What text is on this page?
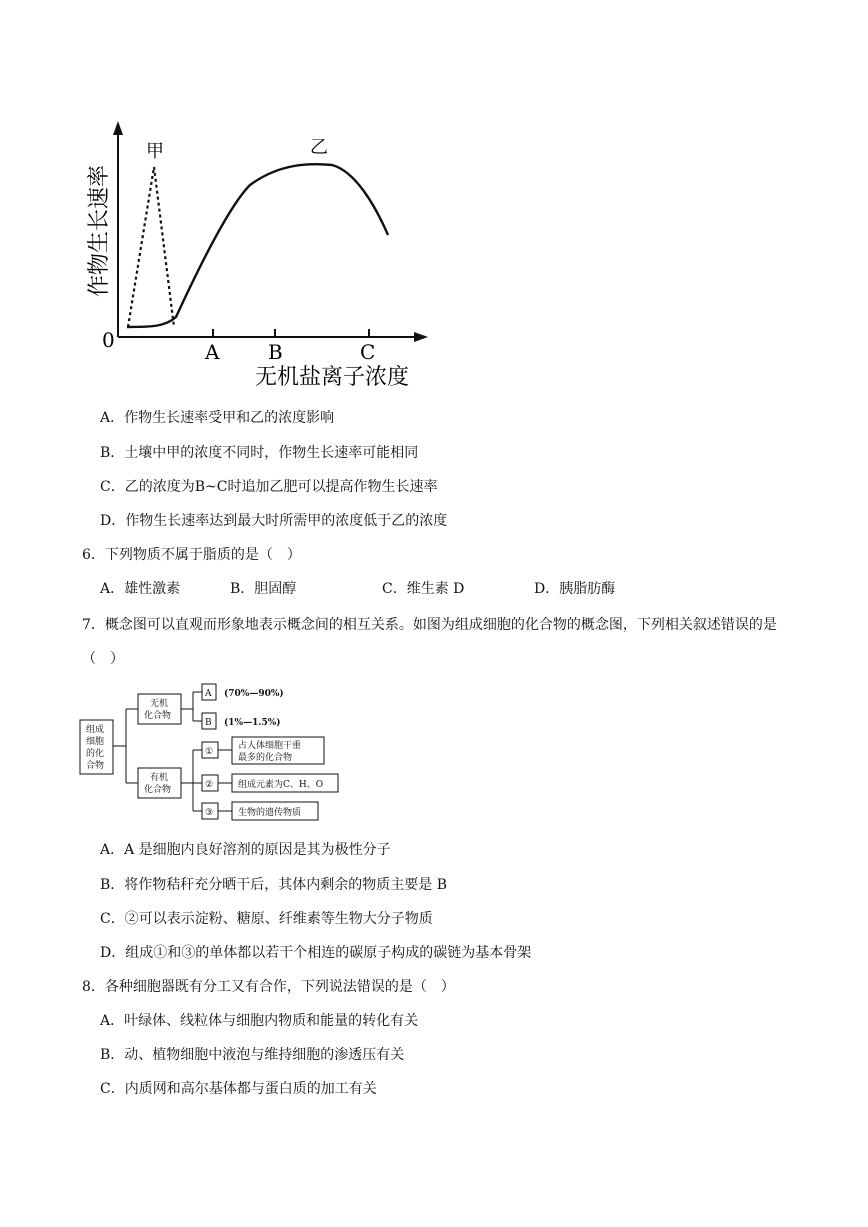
0	A B	C
甲	乙
无机盐离子浓度
作物生长速率
A．作物生长速率受甲和乙的浓度影响
B．土壤中甲的浓度不同时，作物生长速率可能相同
C．乙的浓度为B~C时追加乙肥可以提高作物生长速率
D．作物生长速率达到最大时所需甲的浓度低于乙的浓度
6．下列物质不属于脂质的是（　）
A．雄性激素	B．胆固醇	C．维生素 D	D．胰脂肪酶
7．概念图可以直观而形象地表示概念间的相互关系。如图为组成细胞的化合物的概念图，下列相关叙述错误的是（　）
组成
细胞
的化
合物
无机
化合物
有机
化合物
A
B
(70%—90%)
(1%—1.5%)
①
②
③
占人体细胞干重
最多的化合物
组成元素为C、H、O
生物的遗传物质
A．A 是细胞内良好溶剂的原因是其为极性分子
B．将作物秸秆充分晒干后，其体内剩余的物质主要是 B
C．②可以表示淀粉、糖原、纤维素等生物大分子物质
D．组成①和③的单体都以若干个相连的碳原子构成的碳链为基本骨架
8．各种细胞器既有分工又有合作，下列说法错误的是（　）
A．叶绿体、线粒体与细胞内物质和能量的转化有关
B．动、植物细胞中液泡与维持细胞的渗透压有关
C．内质网和高尔基体都与蛋白质的加工有关
